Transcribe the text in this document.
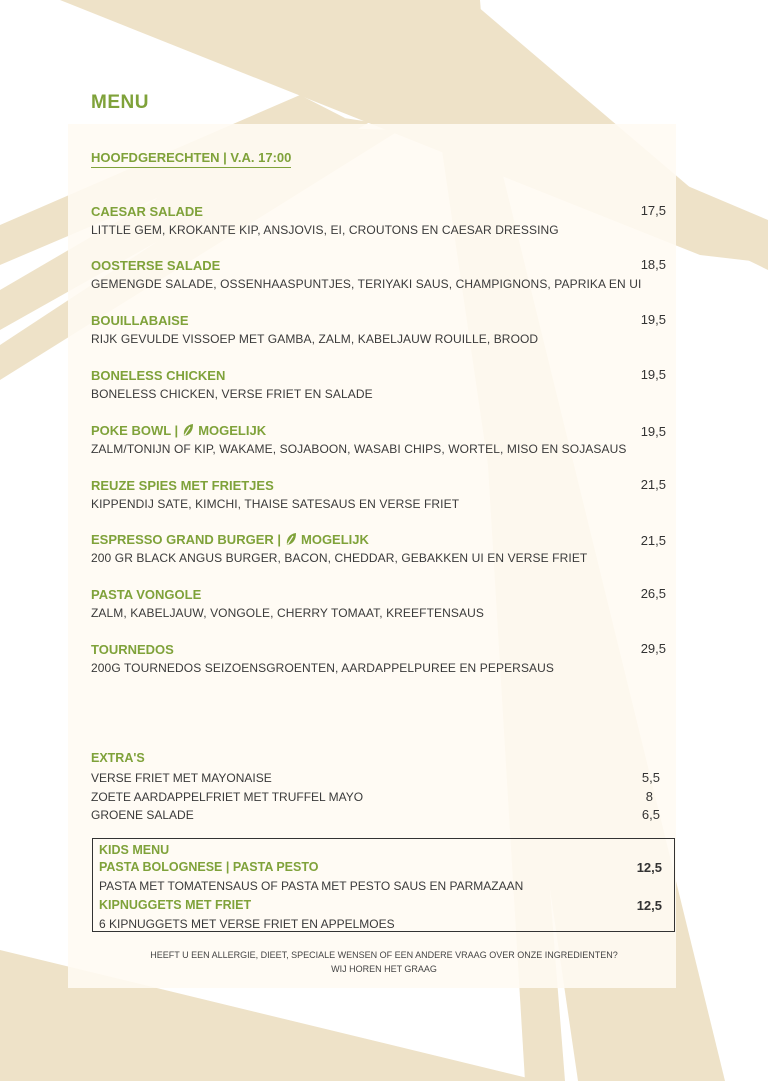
MENU
HOOFDGERECHTEN | V.A. 17:00
CAESAR SALADE
LITTLE GEM, KROKANTE KIP, ANSJOVIS, EI, CROUTONS EN CAESAR DRESSING
17,5
OOSTERSE SALADE
GEMENGDE SALADE, OSSENHAASPUNTJES, TERIYAKI SAUS, CHAMPIGNONS, PAPRIKA EN UI
18,5
BOUILLABAISE
RIJK GEVULDE VISSOEP MET GAMBA, ZALM, KABELJAUW ROUILLE, BROOD
19,5
BONELESS CHICKEN
BONELESS CHICKEN, VERSE FRIET EN SALADE
19,5
POKE BOWL | MOGELIJK
ZALM/TONIJN OF KIP, WAKAME, SOJABOON, WASABI CHIPS, WORTEL, MISO EN SOJASAUS
19,5
REUZE SPIES MET FRIETJES
KIPPENDIJ SATE, KIMCHI, THAISE SATESAUS EN VERSE FRIET
21,5
ESPRESSO GRAND BURGER | MOGELIJK
200 GR BLACK ANGUS BURGER, BACON, CHEDDAR, GEBAKKEN UI EN VERSE FRIET
21,5
PASTA VONGOLE
ZALM, KABELJAUW, VONGOLE, CHERRY TOMAAT, KREEFTENSAUS
26,5
TOURNEDOS
200G TOURNEDOS SEIZOENSGROENTEN, AARDAPPELPUREE EN PEPERSAUS
29,5
EXTRA'S
VERSE FRIET MET MAYONAISE	5,5
ZOETE AARDAPPELFRIET MET TRUFFEL MAYO	8
GROENE SALADE	6,5
KIDS MENU
PASTA BOLOGNESE | PASTA PESTO	12,5
PASTA MET TOMATENSAUS OF PASTA MET PESTO SAUS EN PARMAZAAN
KIPNUGGETS MET FRIET	12,5
6 KIPNUGGETS MET VERSE FRIET EN APPELMOES
HEEFT U EEN ALLERGIE, DIEET, SPECIALE WENSEN OF EEN ANDERE VRAAG OVER ONZE INGREDIENTEN?
WIJ HOREN HET GRAAG
